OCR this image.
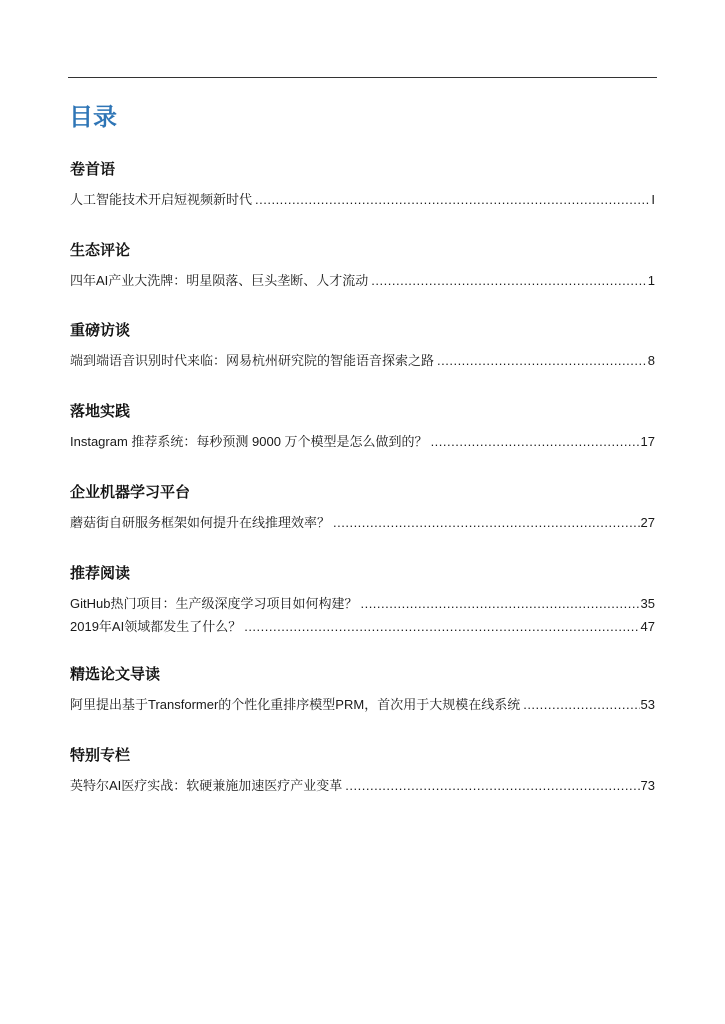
目录
卷首语
人工智能技术开启短视频新时代 .....	I
生态评论
四年AI产业大洗牌：明星陨落、巨头垄断、人才流动 .....	1
重磅访谈
端到端语音识别时代来临：网易杭州研究院的智能语音探索之路 .....	8
落地实践
Instagram 推荐系统：每秒预测 9000 万个模型是怎么做到的？ .....	17
企业机器学习平台
蘑菇街自研服务框架如何提升在线推理效率？ .....	27
推荐阅读
GitHub热门项目：生产级深度学习项目如何构建？ .....	35
2019年AI领域都发生了什么？ .....	47
精选论文导读
阿里提出基于Transformer的个性化重排序模型PRM，首次用于大规模在线系统 .....	53
特别专栏
英特尔AI医疗实战：软硬兼施加速医疗产业变革 .....	73
